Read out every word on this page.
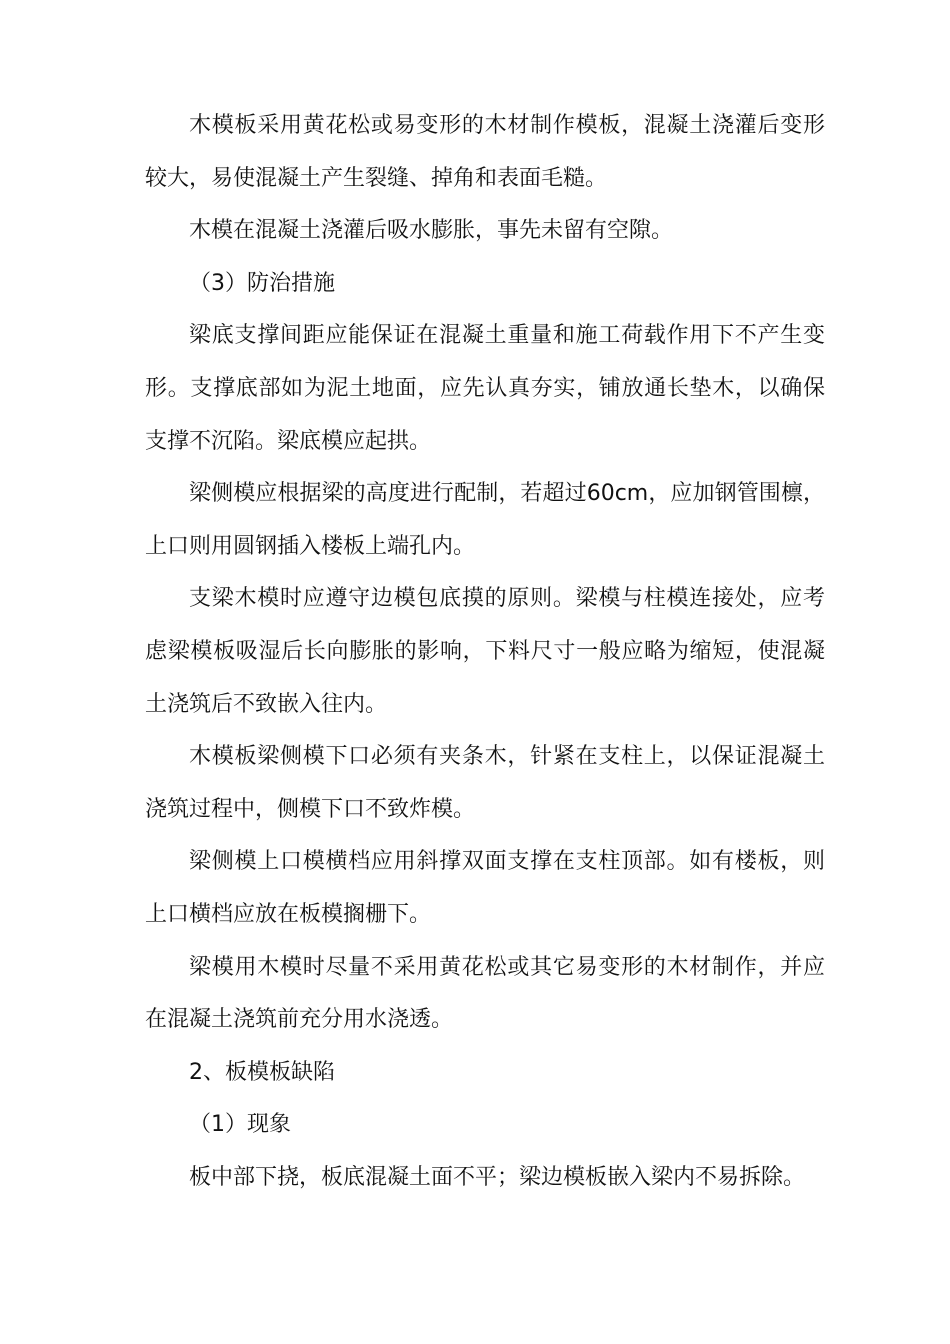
木模板采用黄花松或易变形的木材制作模板，混凝土浇灌后变形较大，易使混凝土产生裂缝、掉角和表面毛糙。

木模在混凝土浇灌后吸水膨胀，事先未留有空隙。

（3）防治措施

梁底支撑间距应能保证在混凝土重量和施工荷载作用下不产生变形。支撑底部如为泥土地面，应先认真夯实，铺放通长垫木，以确保支撑不沉陷。梁底模应起拱。

梁侧模应根据梁的高度进行配制，若超过60cm，应加钢管围檩，上口则用圆钢插入楼板上端孔内。

支梁木模时应遵守边模包底摸的原则。梁模与柱模连接处，应考虑梁模板吸湿后长向膨胀的影响，下料尺寸一般应略为缩短，使混凝土浇筑后不致嵌入往内。

木模板梁侧模下口必须有夹条木，针紧在支柱上，以保证混凝土浇筑过程中，侧模下口不致炸模。

梁侧模上口模横档应用斜撑双面支撑在支柱顶部。如有楼板，则上口横档应放在板模搁栅下。

梁模用木模时尽量不采用黄花松或其它易变形的木材制作，并应在混凝土浇筑前充分用水浇透。

2、板模板缺陷

（1）现象

板中部下挠，板底混凝土面不平；梁边模板嵌入梁内不易拆除。
